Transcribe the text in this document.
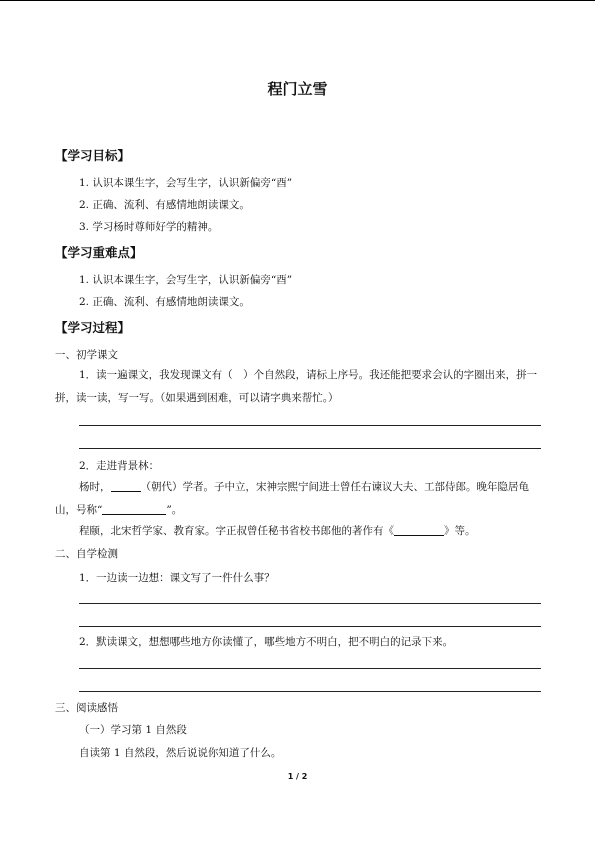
程门立雪
【学习目标】
1. 认识本课生字，会写生字，认识新偏旁“酉”
2. 正确、流利、有感情地朗读课文。
3. 学习杨时尊师好学的精神。
【学习重难点】
1. 认识本课生字，会写生字，认识新偏旁“酉”
2. 正确、流利、有感情地朗读课文。
【学习过程】
一、初学课文
1．读一遍课文，我发现课文有（　）个自然段，请标上序号。我还能把要求会认的字圈出来，拼一拼，读一读，写一写。（如果遇到困难，可以请字典来帮忙。）
2．走进背景林：
杨时，	（朝代）学者。子中立，宋神宗熙宁间进士曾任右谏议大夫、工部侍郎。晚年隐居龟山，号称“	”。
程颐，北宋哲学家、教育家。字正叔曾任秘书省校书郎他的著作有《	》等。
二、自学检测
1．一边读一边想：课文写了一件什么事？
2．默读课文，想想哪些地方你读懂了，哪些地方不明白，把不明白的记录下来。
三、阅读感悟
（一）学习第 1 自然段
自读第 1 自然段，然后说说你知道了什么。
1 / 2
